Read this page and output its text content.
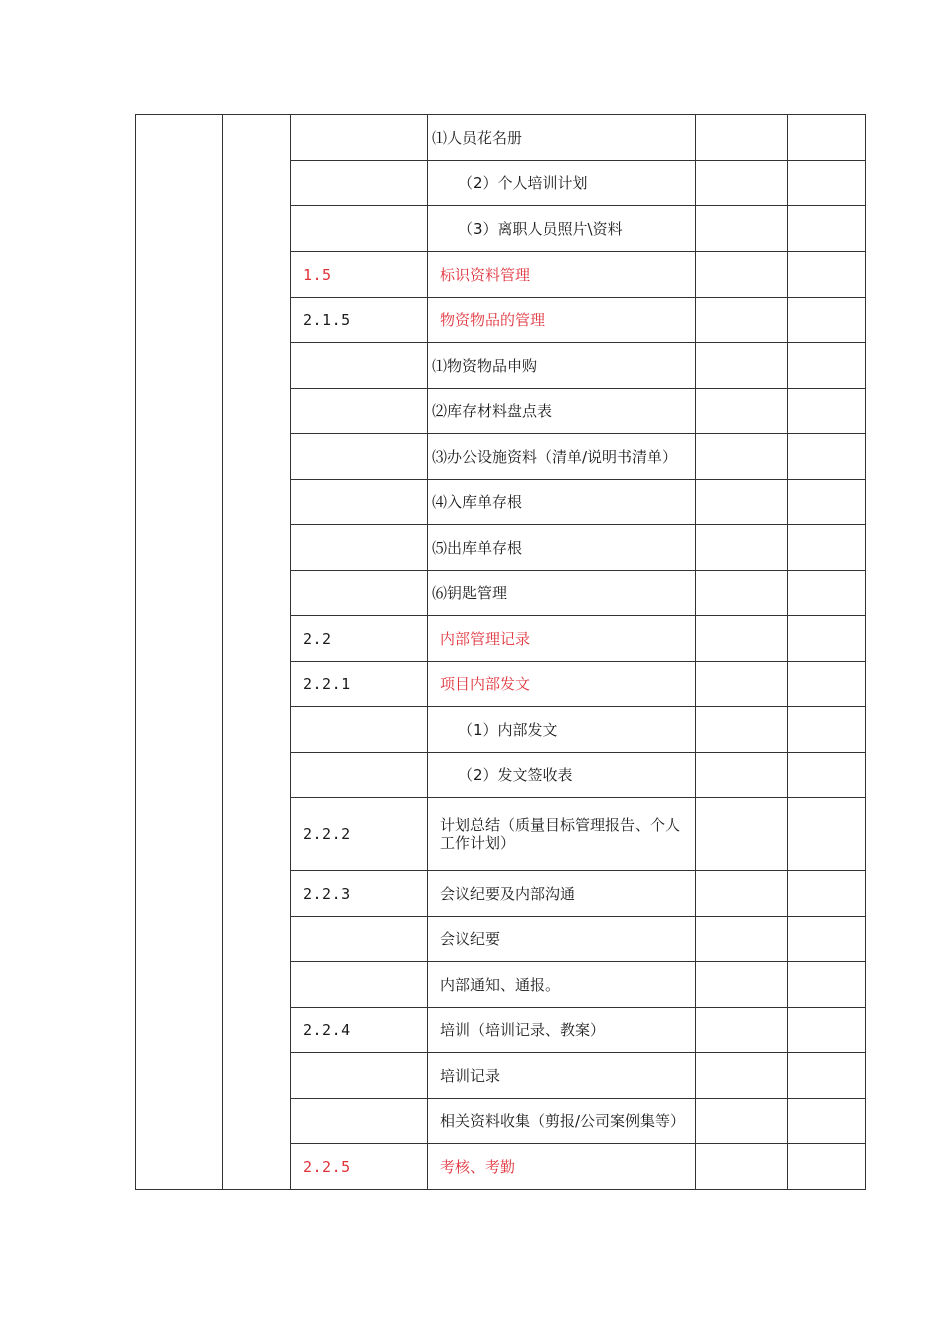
			⑴人员花名册		
			（2）个人培训计划		
			（3）离职人员照片\资料		
		1.5	标识资料管理		
		2.1.5	物资物品的管理		
			⑴物资物品申购		
			⑵库存材料盘点表		
			⑶办公设施资料（清单/说明书清单）		
			⑷入库单存根		
			⑸出库单存根		
			⑹钥匙管理		
		2.2	内部管理记录		
		2.2.1	项目内部发文		
			（1）内部发文		
			（2）发文签收表		
		2.2.2	计划总结（质量目标管理报告、个人工作计划）		
		2.2.3	会议纪要及内部沟通		
			会议纪要		
			内部通知、通报。		
		2.2.4	培训（培训记录、教案）		
			培训记录		
			相关资料收集（剪报/公司案例集等）		
		2.2.5	考核、考勤		
